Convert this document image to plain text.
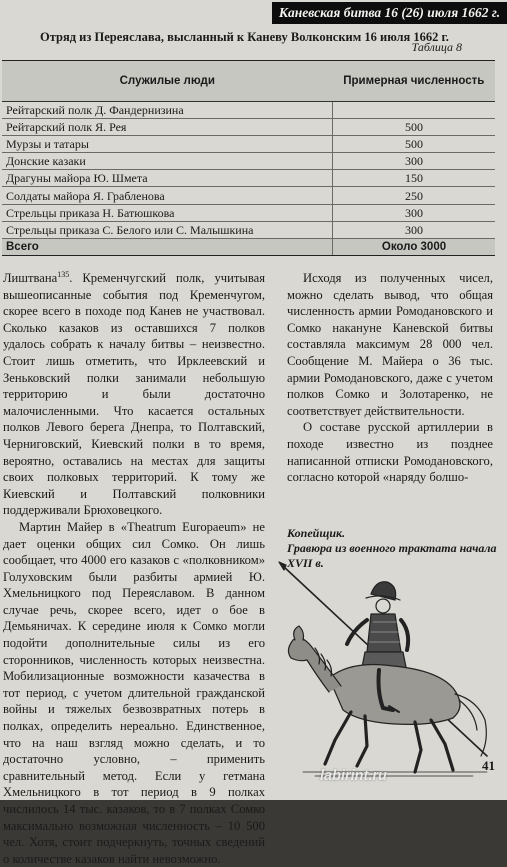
Каневская битва 16 (26) июля 1662 г.
Отряд из Переяслава, высланный к Каневу Волконским 16 июля 1662 г.
Таблица 8
Служилые люди	Примерная численность
Рейтарский полк Д. Фандернизина	
Рейтарский полк Я. Рея	500
Мурзы и татары	500
Донские казаки	300
Драгуны майора Ю. Шмета	150
Солдаты майора Я. Грабленова	250
Стрельцы приказа Н. Батюшкова	300
Стрельцы приказа С. Белого или С. Малышкина	300
Всего	Около 3000

Лиштвана$^{135}$. Кременчугский полк, учитывая вышеописанные события под Кременчугом, скорее всего в походе под Канев не участвовал. Сколько казаков из оставшихся 7 полков удалось собрать к началу битвы – неизвестно. Стоит лишь отметить, что Ирклеевский и Зеньковский полки занимали небольшую территорию и были достаточно малочисленными. Что касается остальных полков Левого берега Днепра, то Полтавский, Черниговский, Киевский полки в то время, вероятно, оставались на местах для защиты своих полковых территорий. К тому же Киевский и Полтавский полковники поддерживали Брюховецкого.

Мартин Майер в «Theatrum Europaeum» не дает оценки общих сил Сомко. Он лишь сообщает, что 4000 его казаков с «полковником» Голуховским были разбиты армией Ю. Хмельницкого под Переяславом. В данном случае речь, скорее всего, идет о бое в Демьяничах. К середине июля к Сомко могли подойти дополнительные силы из его сторонников, численность которых неизвестна. Мобилизационные возможности казачества в тот период, с учетом длительной гражданской войны и тяжелых безвозвратных потерь в полках, определить нереально. Единственное, что на наш взгляд можно сделать, и то достаточно условно, – применить сравнительный метод. Если у гетмана Хмельницкого в тот период в 9 полках числилось 14 тыс. казаков, то в 7 полках Сомко максимально возможная численность – 10 500 чел. Хотя, стоит подчеркнуть, точных сведений о количестве казаков найти невозможно.

Исходя из полученных чисел, можно сделать вывод, что общая численность армии Ромодановского и Сомко накануне Каневской битвы составляла максимум 28 000 чел. Сообщение М. Майера о 36 тыс. армии Ромодановского, даже с учетом полков Сомко и Золотаренко, не соответствует действительности.

О составе русской артиллерии в походе известно из позднее написанной отписки Ромодановского, согласно которой «наряду болшо-

Копейщик.
Гравюра из военного трактата начала XVII в.
41
labirint.ru
